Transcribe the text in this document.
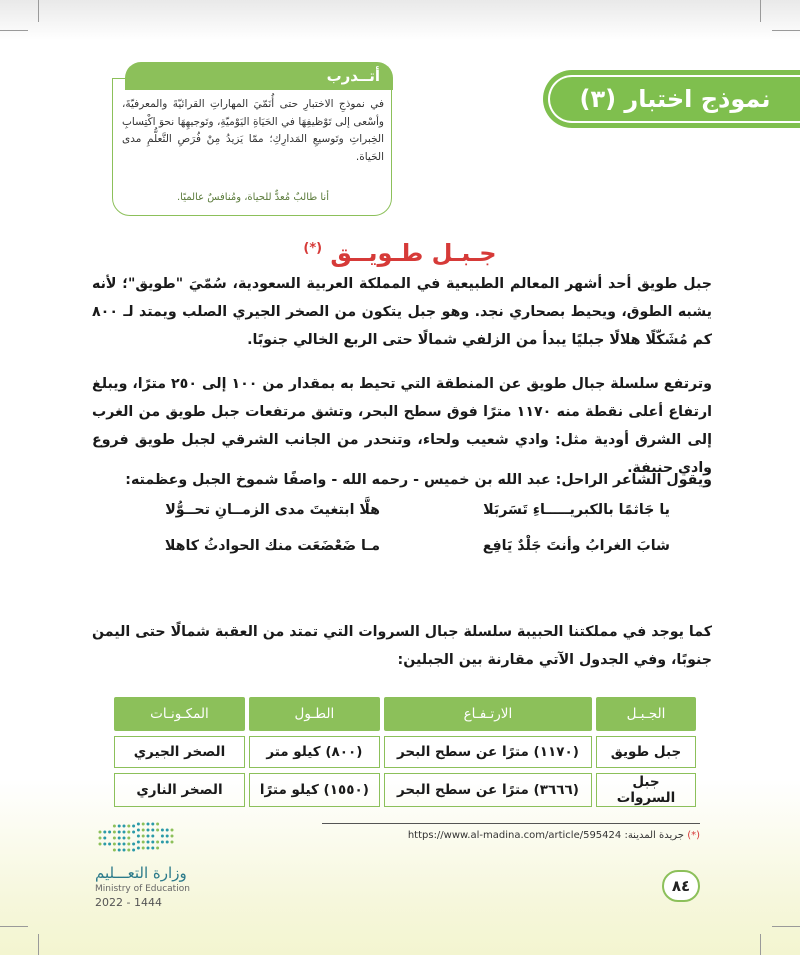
نموذج اختبار (٣)
أتــدرب
في نموذجِ الاختبارِ حتى أُنَمّيَ المهاراتِ القرائيّةَ والمعرفيّةَ، وأسْعى إلى تَوْظيفِهَا في الحَيَاةِ اليَوْميّةِ، وتَوجيهِهَا نحوَ اكْتِسابِ الخِبراتِ وتَوسيعِ المَدارِكِ؛ ممّا يَزيدُ مِنْ فُرَصِ التَّعلُّمِ مدى الحَياة.
أنا طالبٌ مُعدٌّ للحياة، ومُنافسٌ عالميًا.
جـبـل طـويــق (*)
جبل طويق أحد أشهر المعالم الطبيعية في المملكة العربية السعودية، سُمّيَ "طويق"؛ لأنه يشبه الطوق، ويحيط بصحاري نجد. وهو جبل يتكون من الصخر الجيري الصلب ويمتد لـ ٨٠٠ كم مُشَكّلًا هلالًا جبليًا يبدأ من الزلفي شمالًا حتى الربع الخالي جنوبًا.
وترتفع سلسلة جبال طويق عن المنطقة التي تحيط به بمقدار من ١٠٠ إلى ٢٥٠ مترًا، ويبلغ ارتفاع أعلى نقطة منه ١١٧٠ مترًا فوق سطح البحر، وتشق مرتفعات جبل طويق من الغرب إلى الشرق أودية مثل: وادي شعيب ولحاء، وتنحدر من الجانب الشرقي لجبل طويق فروع وادي حنيفة.
ويقول الشاعر الراحل: عبد الله بن خميس - رحمه الله - واصفًا شموخ الجبل وعظمته:
يا جَاثمًا بالكبريـــــاءِ تَسَربَلا
هلَّا ابتغيتَ مدى الزمــانِ تحــوُّلا
شابَ الغرابُ وأنتَ جَلْدٌ يَافِع
مـا ضَعْضَعَت منك الحوادثُ كاهلا
كما يوجد في مملكتنا الحبيبة سلسلة جبال السروات التي تمتد من العقبة شمالًا حتى اليمن جنوبًا، وفي الجدول الآتي مقارنة بين الجبلين:
الجـبـل	الارتـفـاع	الطـول	المكـونـات
جبل طويق	(١١٧٠) مترًا عن سطح البحر	(٨٠٠) كيلو متر	الصخر الجيري
جبل السروات	(٣٦٦٦) مترًا عن سطح البحر	(١٥٥٠) كيلو مترًا	الصخر الناري
(*) جريدة المدينة: https://www.al-madina.com/article/595424
٨٤
وزارة التعـــليم
Ministry of Education
2022 - 1444
